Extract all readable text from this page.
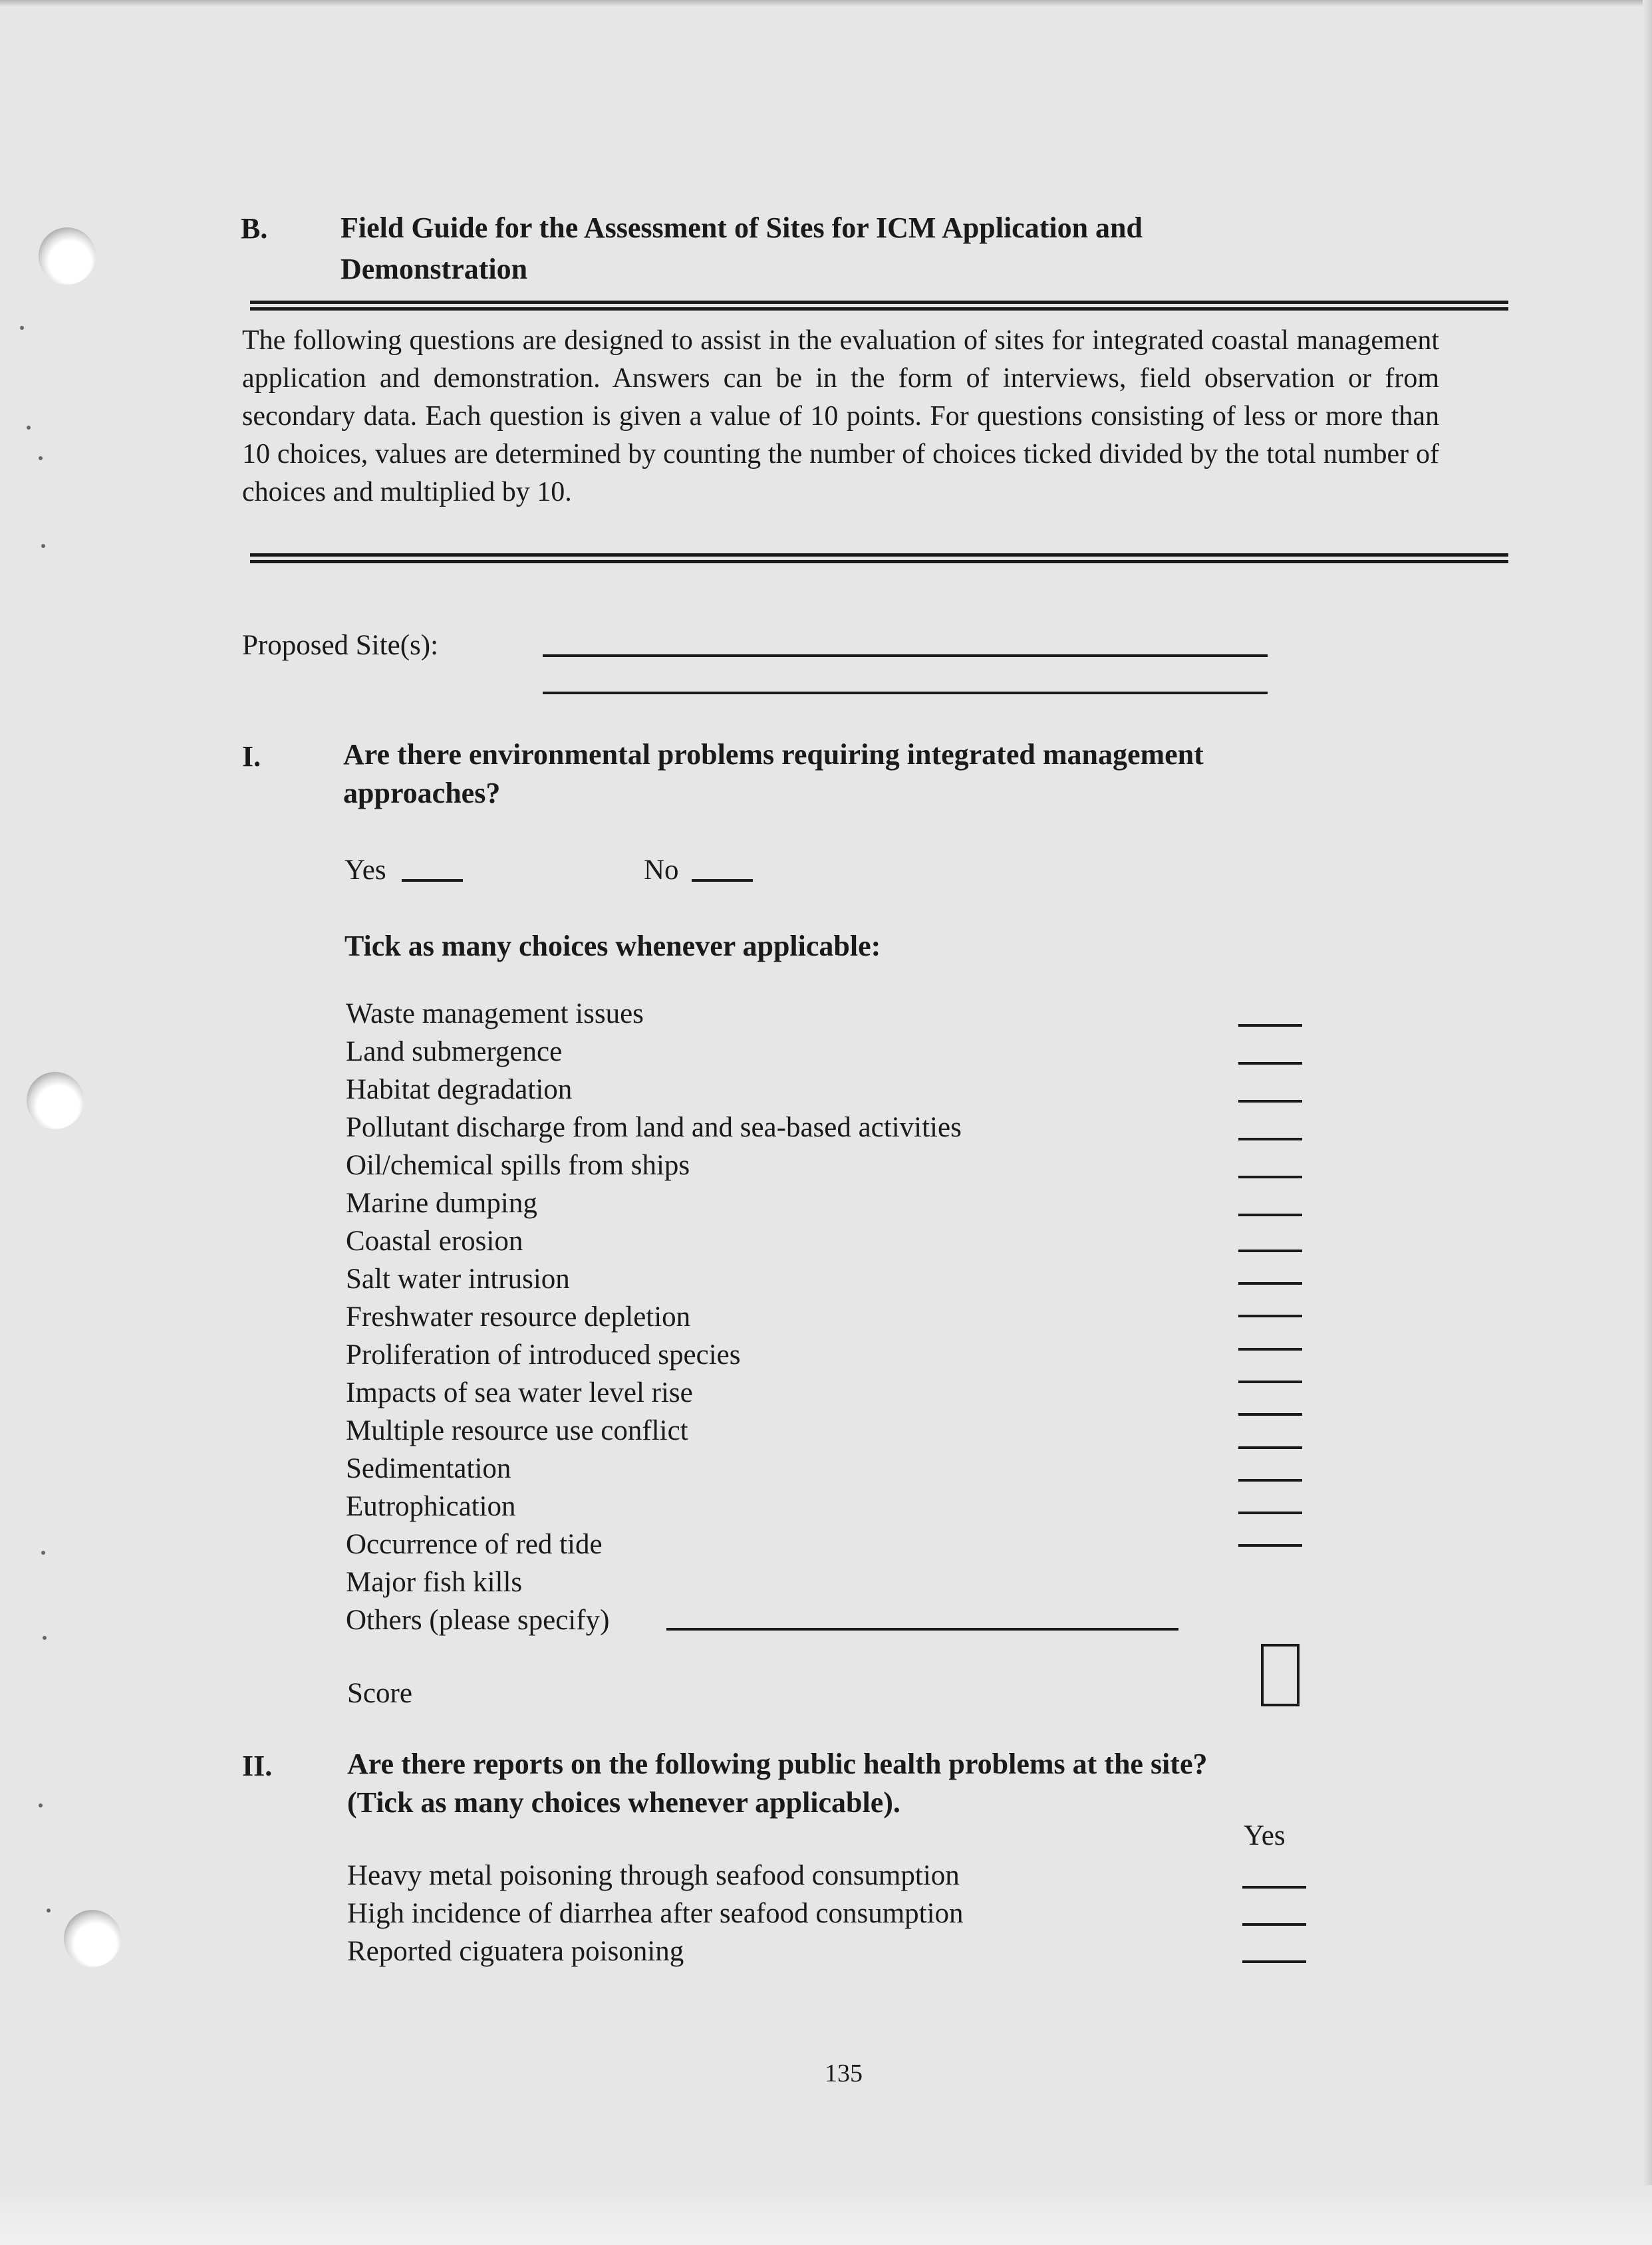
B. Field Guide for the Assessment of Sites for ICM Application and
Demonstration
The following questions are designed to assist in the evaluation of sites for integrated coastal management application and demonstration. Answers can be in the form of interviews, field observation or from secondary data. Each question is given a value of 10 points. For questions consisting of less or more than 10 choices, values are determined by counting the number of choices ticked divided by the total number of choices and multiplied by 10.
Proposed Site(s):
I.	Are there environmental problems requiring integrated management
approaches?
Yes	No
Tick as many choices whenever applicable:
Waste management issues
Land submergence
Habitat degradation
Pollutant discharge from land and sea-based activities
Oil/chemical spills from ships
Marine dumping
Coastal erosion
Salt water intrusion
Freshwater resource depletion
Proliferation of introduced species
Impacts of sea water level rise
Multiple resource use conflict
Sedimentation
Eutrophication
Occurrence of red tide
Major fish kills
Others (please specify)
Score
II.	Are there reports on the following public health problems at the site?
(Tick as many choices whenever applicable).
Yes
Heavy metal poisoning through seafood consumption
High incidence of diarrhea after seafood consumption
Reported ciguatera poisoning
135
